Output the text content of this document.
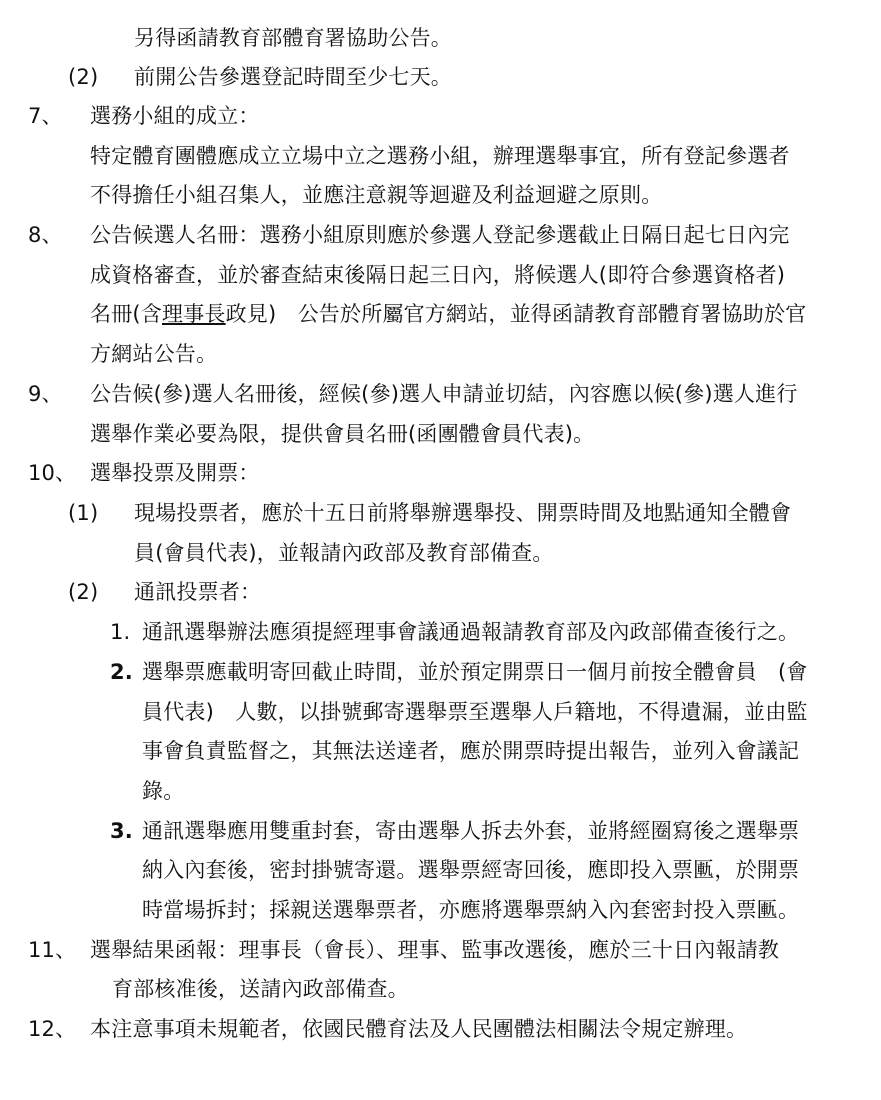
另得函請教育部體育署協助公告。
(2) 前開公告參選登記時間至少七天。
7、 選務小組的成立：
特定體育團體應成立立場中立之選務小組，辦理選舉事宜，所有登記參選者
不得擔任小組召集人，並應注意親等迴避及利益迴避之原則。
8、 公告候選人名冊：選務小組原則應於參選人登記參選截止日隔日起七日內完
成資格審查，並於審查結束後隔日起三日內，將候選人(即符合參選資格者)
名冊(含理事長政見)　公告於所屬官方網站，並得函請教育部體育署協助於官
方網站公告。
9、 公告候(參)選人名冊後，經候(參)選人申請並切結，內容應以候(參)選人進行
選舉作業必要為限，提供會員名冊(函團體會員代表)。
10、 選舉投票及開票：
(1) 現場投票者，應於十五日前將舉辦選舉投、開票時間及地點通知全體會
員(會員代表)，並報請內政部及教育部備查。
(2) 通訊投票者：
1. 通訊選舉辦法應須提經理事會議通過報請教育部及內政部備查後行之。
2. 選舉票應載明寄回截止時間，並於預定開票日一個月前按全體會員　(會
員代表)　人數，以掛號郵寄選舉票至選舉人戶籍地，不得遺漏，並由監
事會負責監督之，其無法送達者，應於開票時提出報告，並列入會議記
錄。
3. 通訊選舉應用雙重封套，寄由選舉人拆去外套，並將經圈寫後之選舉票
納入內套後，密封掛號寄還。選舉票經寄回後，應即投入票匭，於開票
時當場拆封；採親送選舉票者，亦應將選舉票納入內套密封投入票匭。
11、 選舉結果函報：理事長（會長）、理事、監事改選後，應於三十日內報請教
育部核准後，送請內政部備查。
12、 本注意事項未規範者，依國民體育法及人民團體法相關法令規定辦理。
